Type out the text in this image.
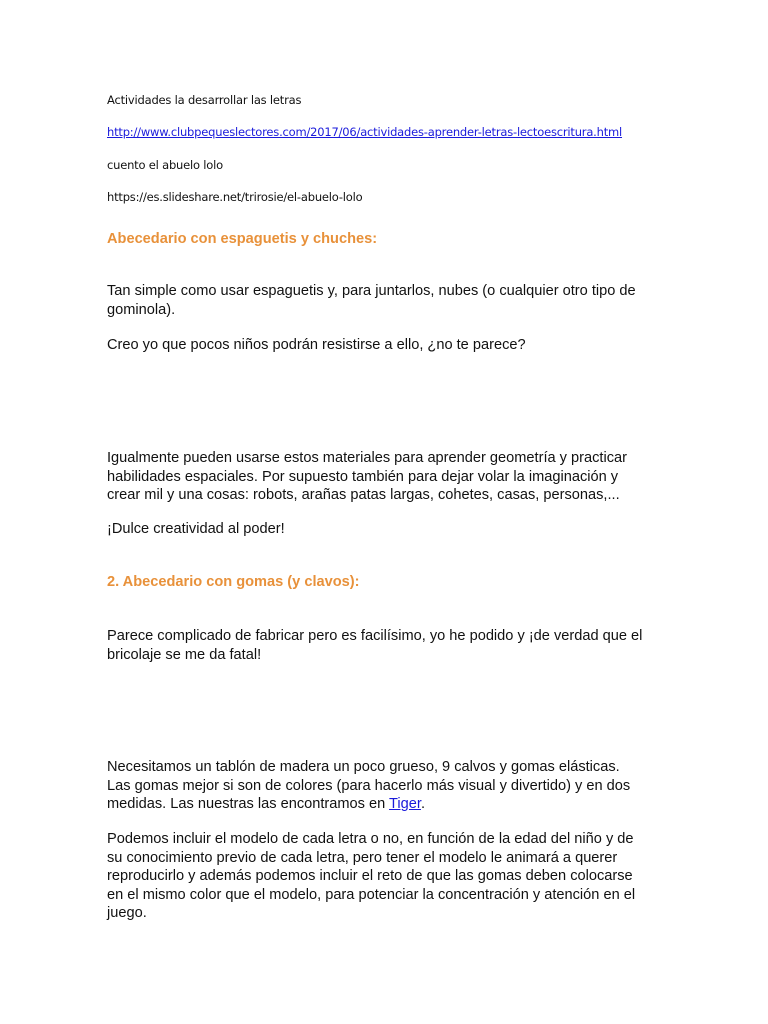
Actividades la desarrollar las letras
http://www.clubpequeslectores.com/2017/06/actividades-aprender-letras-lectoescritura.html
cuento el abuelo lolo
https://es.slideshare.net/trirosie/el-abuelo-lolo
Abecedario con espaguetis y chuches:
Tan simple como usar espaguetis y, para juntarlos, nubes (o cualquier otro tipo de
gominola).
Creo yo que pocos niños podrán resistirse a ello, ¿no te parece?
Igualmente pueden usarse estos materiales para aprender geometría y practicar
habilidades espaciales. Por supuesto también para dejar volar la imaginación y
crear mil y una cosas: robots, arañas patas largas, cohetes, casas, personas,...
¡Dulce creatividad al poder!
2. Abecedario con gomas (y clavos):
Parece complicado de fabricar pero es facilísimo, yo he podido y ¡de verdad que el
bricolaje se me da fatal!
Necesitamos un tablón de madera un poco grueso, 9 calvos y gomas elásticas.
Las gomas mejor si son de colores (para hacerlo más visual y divertido) y en dos
medidas. Las nuestras las encontramos en Tiger.
Podemos incluir el modelo de cada letra o no, en función de la edad del niño y de
su conocimiento previo de cada letra, pero tener el modelo le animará a querer
reproducirlo y además podemos incluir el reto de que las gomas deben colocarse
en el mismo color que el modelo, para potenciar la concentración y atención en el
juego.
